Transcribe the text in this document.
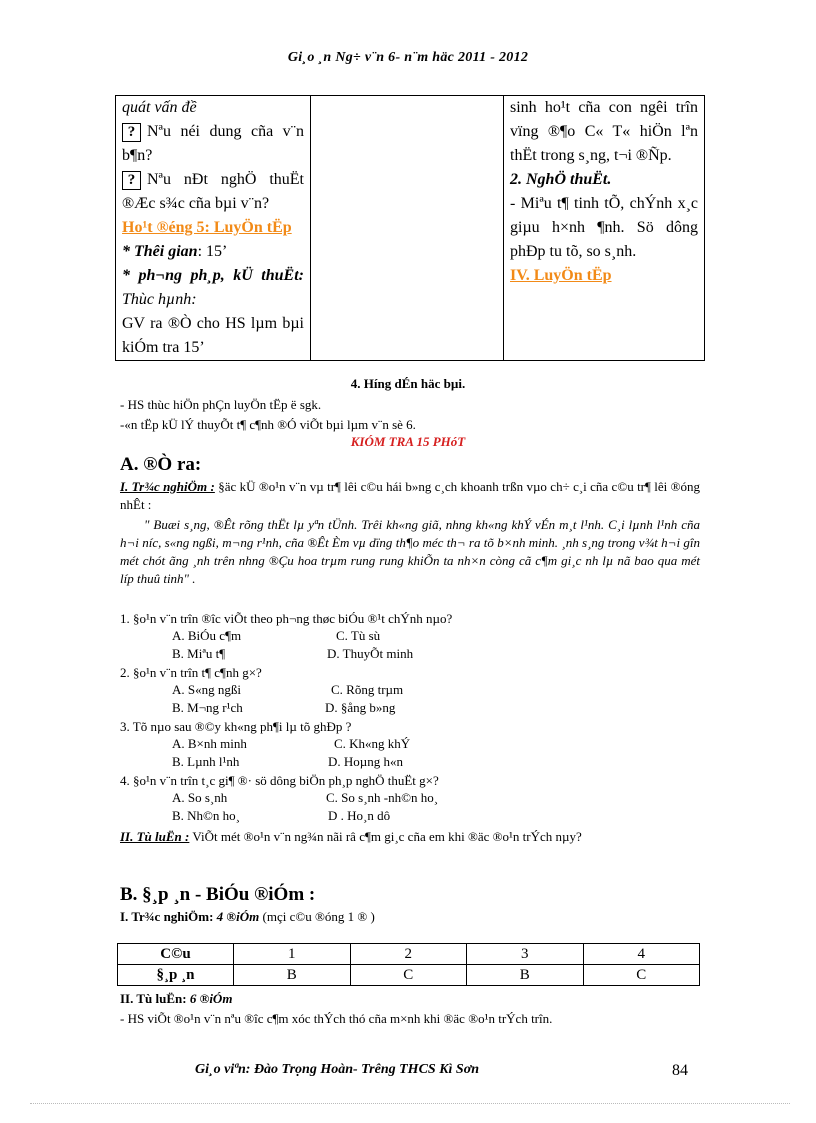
Gi¸o ¸n Ng÷ v¨n 6- n¨m häc 2011 - 2012
quát vấn đề
? Nªu néi dung cña v¨n b¶n?
? Nªu nÐt nghÖ thuËt ®Æc s¾c cña bµi v¨n?
Ho¹t ®éng 5: LuyÖn tËp
* Thêi gian: 15’
* ph¬ng ph¸p, kÜ thuËt: Thùc hµnh:
GV ra ®Ò cho HS lµm bµi kiÓm tra 15’

sinh ho¹t cña con ngêi trîn vïng ®¶o C« T« hiÖn lªn thËt trong s¸ng, t¬i ®Ñp.
2. NghÖ thuËt.
- Miªu t¶ tinh tÕ, chÝnh x¸c giµu h×nh ¶nh. Sö dông phÐp tu tõ, so s¸nh.
IV. LuyÖn tËp
4. Híng dÉn häc bµi.
- HS thùc hiÖn phÇn luyÖn tËp ë sgk.
-«n tËp kÜ lÝ thuyÕt t¶ c¶nh ®Ó viÕt bµi lµm v¨n sè 6.
KIÓM TRA 15 PHóT
A. ®Ò ra:
I. Tr¾c nghiÖm : §äc kÜ ®o¹n v¨n vµ tr¶ lêi c©u hái b»ng c¸ch khoanh trßn vµo ch÷ c¸i cña c©u tr¶ lêi ®óng nhÊt :
" Buæi s¸ng, ®Êt rõng thËt lµ yªn tÜnh. Trêi kh«ng giã, nhng kh«ng khÝ vÉn m¸t l¹nh. C¸i lµnh l¹nh cña h¬i níc, s«ng ngßi, m¬ng r¹nh, cña ®Êt Èm vµ dïng th¶o méc th¬ ra tõ b×nh minh. ¸nh s¸ng trong v¾t h¬i gîn mét chót ãng ¸nh trên nhng ®Çu hoa trµm rung rung khiÕn ta nh×n còng cã c¶m gi¸c nh lµ nã bao qua mét líp thuû tinh" .
1. §o¹n v¨n trîn ®îc viÕt theo ph¬ng thøc biÓu ®¹t chÝnh nµo?
A. BiÓu c¶m	C. Tù sù
B. Miªu t¶	D. ThuyÕt minh
2. §o¹n v¨n trîn t¶ c¶nh g×?
A. S«ng ngßi	C. Rõng trµm
B. M¬ng r¹ch	D. §ång b»ng
3. Tõ nµo sau ®©y kh«ng ph¶i lµ tõ ghÐp ?
A. B×nh minh	C. Kh«ng khÝ
B. Lµnh l¹nh	D. Hoµng h«n
4. §o¹n v¨n trîn t¸c gi¶ ®· sö dông biÖn ph¸p nghÖ thuËt g×?
A. So s¸nh	C. So s¸nh -nh©n ho¸
B. Nh©n ho¸	D . Ho¸n dô
II. Tù luËn : ViÕt mét ®o¹n v¨n ng¾n nãi râ c¶m gi¸c cña em khi ®äc ®o¹n trÝch nµy?
B. §¸p ¸n - BiÓu ®iÓm :
I. Tr¾c nghiÖm: 4 ®iÓm (mçi c©u ®óng 1 ® )
C©u	1	2	3	4
§¸p ¸n	B	C	B	C
II. Tù luËn: 6 ®iÓm
- HS viÕt ®o¹n v¨n nªu ®îc c¶m xóc thÝch thó cña m×nh khi ®äc ®o¹n trÝch trîn.
Gi¸o viªn: Đào Trọng Hoàn- Trêng THCS Kì Sơn	84
